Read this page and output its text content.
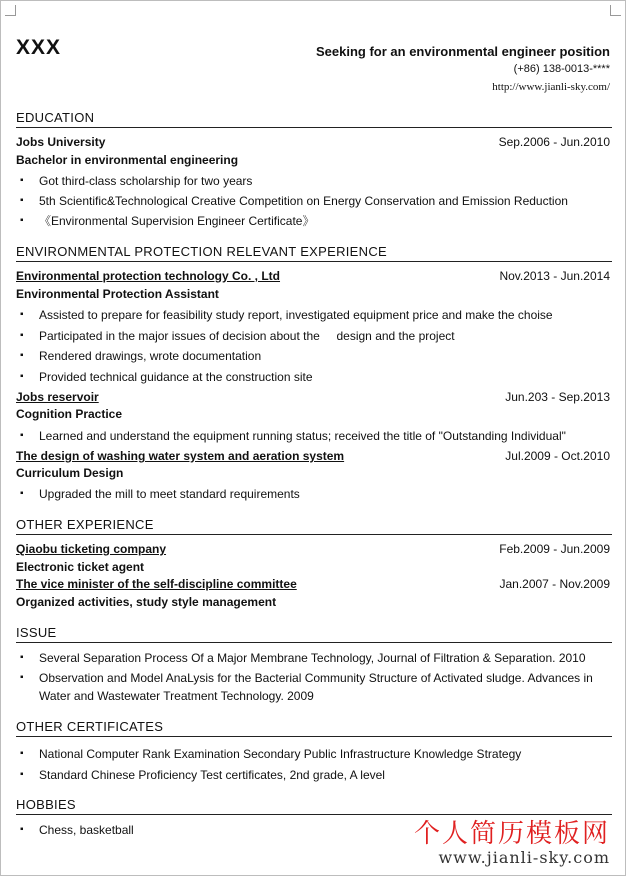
XXX	Seeking for an environmental engineer position
(+86) 138-0013-****
http://www.jianli-sky.com/
EDUCATION
Jobs University	Sep.2006 - Jun.2010
Bachelor in environmental engineering
▪	Got third-class scholarship for two years
▪	5th Scientific&Technological Creative Competition on Energy Conservation and Emission Reduction
▪	《Environmental Supervision Engineer Certificate》
ENVIRONMENTAL PROTECTION RELEVANT EXPERIENCE
Environmental protection technology Co. , Ltd	Nov.2013 - Jun.2014
Environmental Protection Assistant
▪	Assisted to prepare for feasibility study report, investigated equipment price and make the choise
▪	Participated in the major issues of decision about the     design and the project
▪	Rendered drawings, wrote documentation
▪	Provided technical guidance at the construction site
Jobs reservoir	Jun.203 - Sep.2013
Cognition Practice
▪	Learned and understand the equipment running status; received the title of "Outstanding Individual"
The design of washing water system and aeration system	Jul.2009 - Oct.2010
Curriculum Design
▪	Upgraded the mill to meet standard requirements
OTHER EXPERIENCE
Qiaobu ticketing company	Feb.2009 - Jun.2009
Electronic ticket agent
The vice minister of the self-discipline committee	Jan.2007 - Nov.2009
Organized activities, study style management
ISSUE
▪	Several Separation Process Of a Major Membrane Technology, Journal of Filtration & Separation. 2010
▪	Observation and Model AnaLysis for the Bacterial Community Structure of Activated sludge. Advances in Water and Wastewater Treatment Technology. 2009
OTHER CERTIFICATES
▪	National Computer Rank Examination Secondary Public Infrastructure Knowledge Strategy
▪	Standard Chinese Proficiency Test certificates, 2nd grade, A level
HOBBIES
▪	Chess, basketball	个人简历模板网
www.jianli-sky.com
